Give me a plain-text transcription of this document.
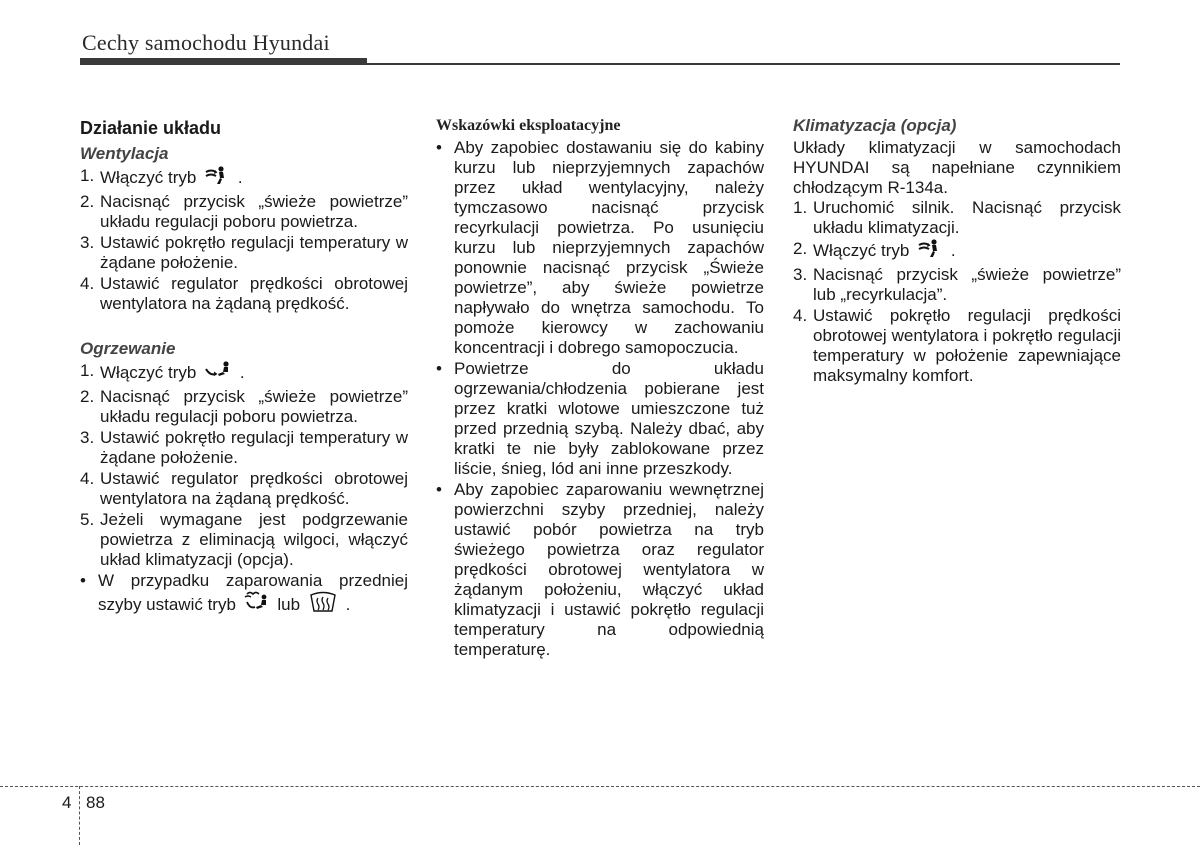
Cechy samochodu Hyundai
Działanie układu
Wentylacja
1. Włączyć tryb .
2. Nacisnąć przycisk „świeże powietrze” układu regulacji poboru powietrza.
3. Ustawić pokrętło regulacji temperatury w żądane położenie.
4. Ustawić regulator prędkości obrotowej wentylatora na żądaną prędkość.
Ogrzewanie
1. Włączyć tryb	.
2. Nacisnąć przycisk „świeże powietrze” układu regulacji poboru powietrza.
3. Ustawić pokrętło regulacji temperatury w żądane położenie.
4. Ustawić regulator prędkości obrotowej wentylatora na żądaną prędkość.
5. Jeżeli wymagane jest podgrzewanie powietrza z eliminacją wilgoci, włączyć układ klimatyzacji (opcja).
• W przypadku zaparowania przedniej szyby ustawić tryb lub	.
Wskazówki eksploatacyjne
• Aby zapobiec dostawaniu się do kabiny kurzu lub nieprzyjemnych zapachów przez układ wentylacyjny, należy tymczasowo nacisnąć przycisk recyrkulacji powietrza. Po usunięciu kurzu lub nieprzyjemnych zapachów ponownie nacisnąć przycisk „Świeże powietrze”, aby świeże powietrze napływało do wnętrza samochodu. To pomoże kierowcy w zachowaniu koncentracji i dobrego samopoczucia.
• Powietrze do układu ogrzewania/chłodzenia pobierane jest przez kratki wlotowe umieszczone tuż przed przednią szybą. Należy dbać, aby kratki te nie były zablokowane przez liście, śnieg, lód ani inne przeszkody.
• Aby zapobiec zaparowaniu wewnętrznej powierzchni szyby przedniej, należy ustawić pobór powietrza na tryb świeżego powietrza oraz regulator prędkości obrotowej wentylatora w żądanym położeniu, włączyć układ klimatyzacji i ustawić pokrętło regulacji temperatury na odpowiednią temperaturę.
Klimatyzacja (opcja)
Układy klimatyzacji w samochodach HYUNDAI są napełniane czynnikiem chłodzącym R-134a.
1. Uruchomić silnik. Nacisnąć przycisk układu klimatyzacji.
2. Włączyć tryb .
3. Nacisnąć przycisk „świeże powietrze” lub „recyrkulacja”.
4. Ustawić pokrętło regulacji prędkości obrotowej wentylatora i pokrętło regulacji temperatury w położenie zapewniające maksymalny komfort.
4 88
